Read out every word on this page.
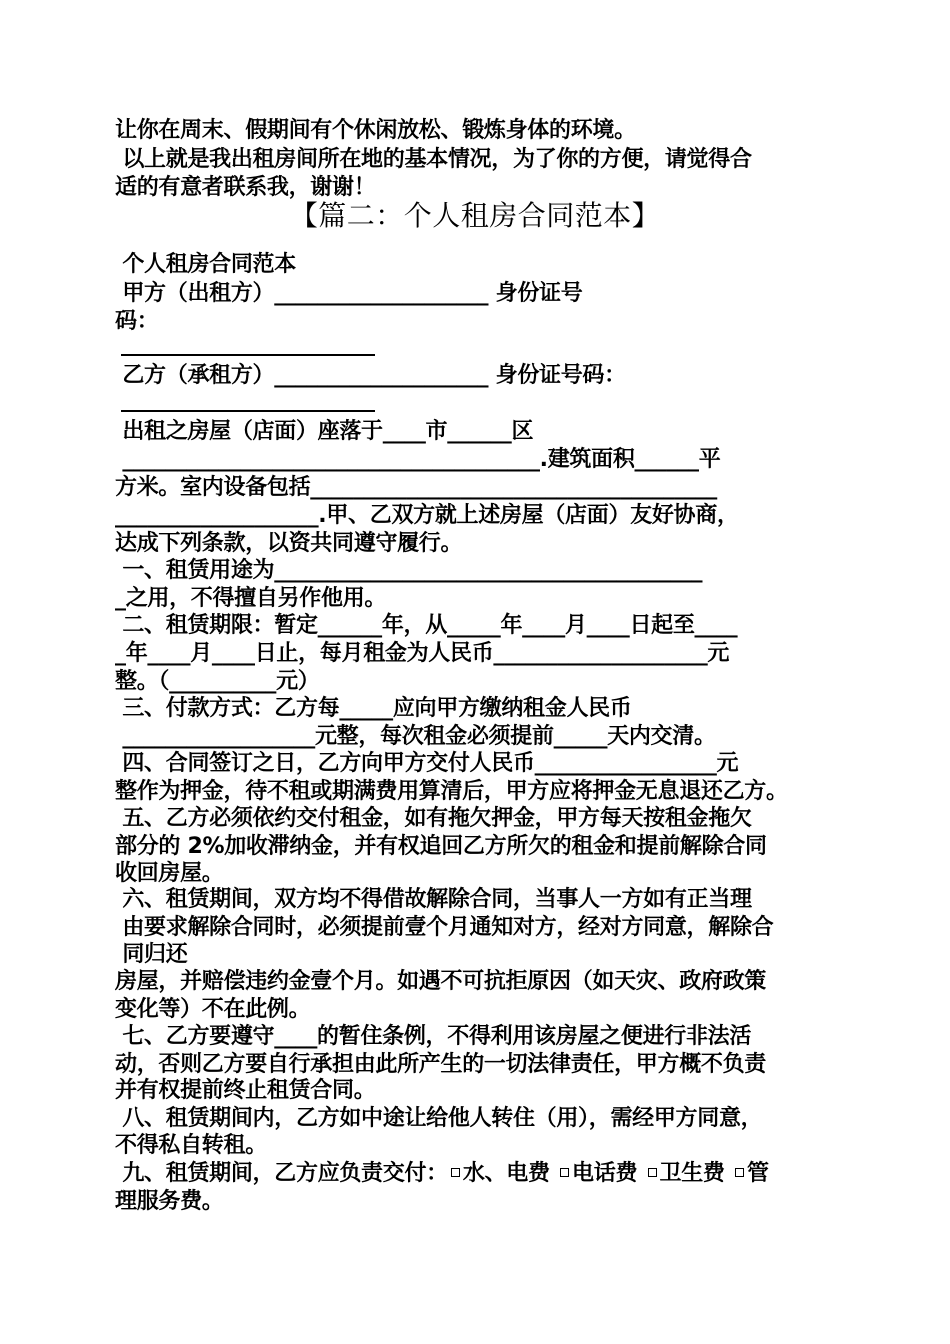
让你在周末、假期间有个休闲放松、锻炼身体的环境。
以上就是我出租房间所在地的基本情况，为了你的方便，请觉得合
适的有意者联系我，谢谢！
【篇二：个人租房合同范本】
个人租房合同范本
甲方（出租方）____________________ 身份证号
码：
乙方（承租方）____________________ 身份证号码：
出租之房屋（店面）座落于____市______区
_______________________________________.建筑面积______平
方米。室内设备包括______________________________________
___________________.甲、乙双方就上述房屋（店面）友好协商，
达成下列条款，以资共同遵守履行。
一、租赁用途为________________________________________
_之用，不得擅自另作他用。
二、租赁期限：暂定______年，从_____年____月____日起至____
_年____月____日止，每月租金为人民币____________________元
整。（__________元）
三、付款方式：乙方每_____应向甲方缴纳租金人民币
__________________元整，每次租金必须提前_____天内交清。
四、合同签订之日，乙方向甲方交付人民币_________________元
整作为押金，待不租或期满费用算清后，甲方应将押金无息退还乙方。
五、乙方必须依约交付租金，如有拖欠押金，甲方每天按租金拖欠
部分的 2%加收滞纳金，并有权追回乙方所欠的租金和提前解除合同
收回房屋。
六、租赁期间，双方均不得借故解除合同，当事人一方如有正当理
由要求解除合同时，必须提前壹个月通知对方，经对方同意，解除合
同归还
房屋，并赔偿违约金壹个月。如遇不可抗拒原因（如天灾、政府政策
变化等）不在此例。
七、乙方要遵守____的暂住条例，不得利用该房屋之便进行非法活
动，否则乙方要自行承担由此所产生的一切法律责任，甲方概不负责
并有权提前终止租赁合同。
八、租赁期间内，乙方如中途让给他人转住（用），需经甲方同意，
不得私自转租。
九、租赁期间，乙方应负责交付： 水、电费 电话费 卫生费 管
理服务费。
